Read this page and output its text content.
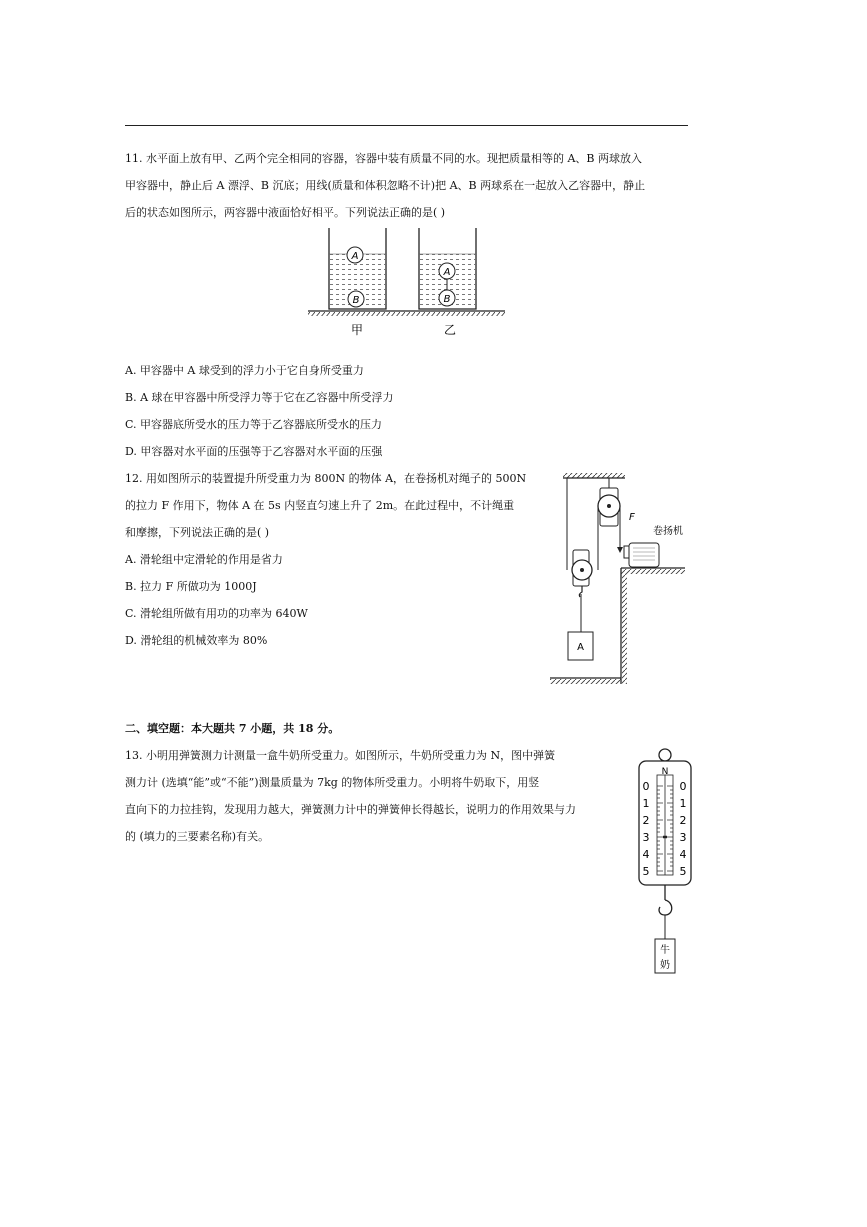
11. 水平面上放有甲、乙两个完全相同的容器，容器中装有质量不同的水。现把质量相等的 A、B 两球放入
甲容器中，静止后 A 漂浮、B 沉底；用线(质量和体积忽略不计)把 A、B 两球系在一起放入乙容器中，静止
后的状态如图所示，两容器中液面恰好相平。下列说法正确的是( )
A
B
A
B
甲	乙
A. 甲容器中 A 球受到的浮力小于它自身所受重力
B. A 球在甲容器中所受浮力等于它在乙容器中所受浮力
C. 甲容器底所受水的压力等于乙容器底所受水的压力
D. 甲容器对水平面的压强等于乙容器对水平面的压强
12. 用如图所示的装置提升所受重力为 800N 的物体 A，在卷扬机对绳子的 500N
的拉力 F 作用下，物体 A 在 5s 内竖直匀速上升了 2m。在此过程中，不计绳重
和摩擦，下列说法正确的是( )
A. 滑轮组中定滑轮的作用是省力
B. 拉力 F 所做功为 1000J
C. 滑轮组所做有用功的功率为 640W
D. 滑轮组的机械效率为 80%
F
A
卷扬机
二、填空题：本大题共 7 小题，共 18 分。
13. 小明用弹簧测力计测量一盒牛奶所受重力。如图所示，牛奶所受重力为 N，图中弹簧
测力计 (选填“能”或“不能”)测量质量为 7kg 的物体所受重力。小明将牛奶取下，用竖
直向下的力拉挂钩，发现用力越大，弹簧测力计中的弹簧伸长得越长，说明力的作用效果与力
的 (填力的三要素名称)有关。
N
0
1
2
3
4
5
0
1
2
3
4
5
牛
奶
